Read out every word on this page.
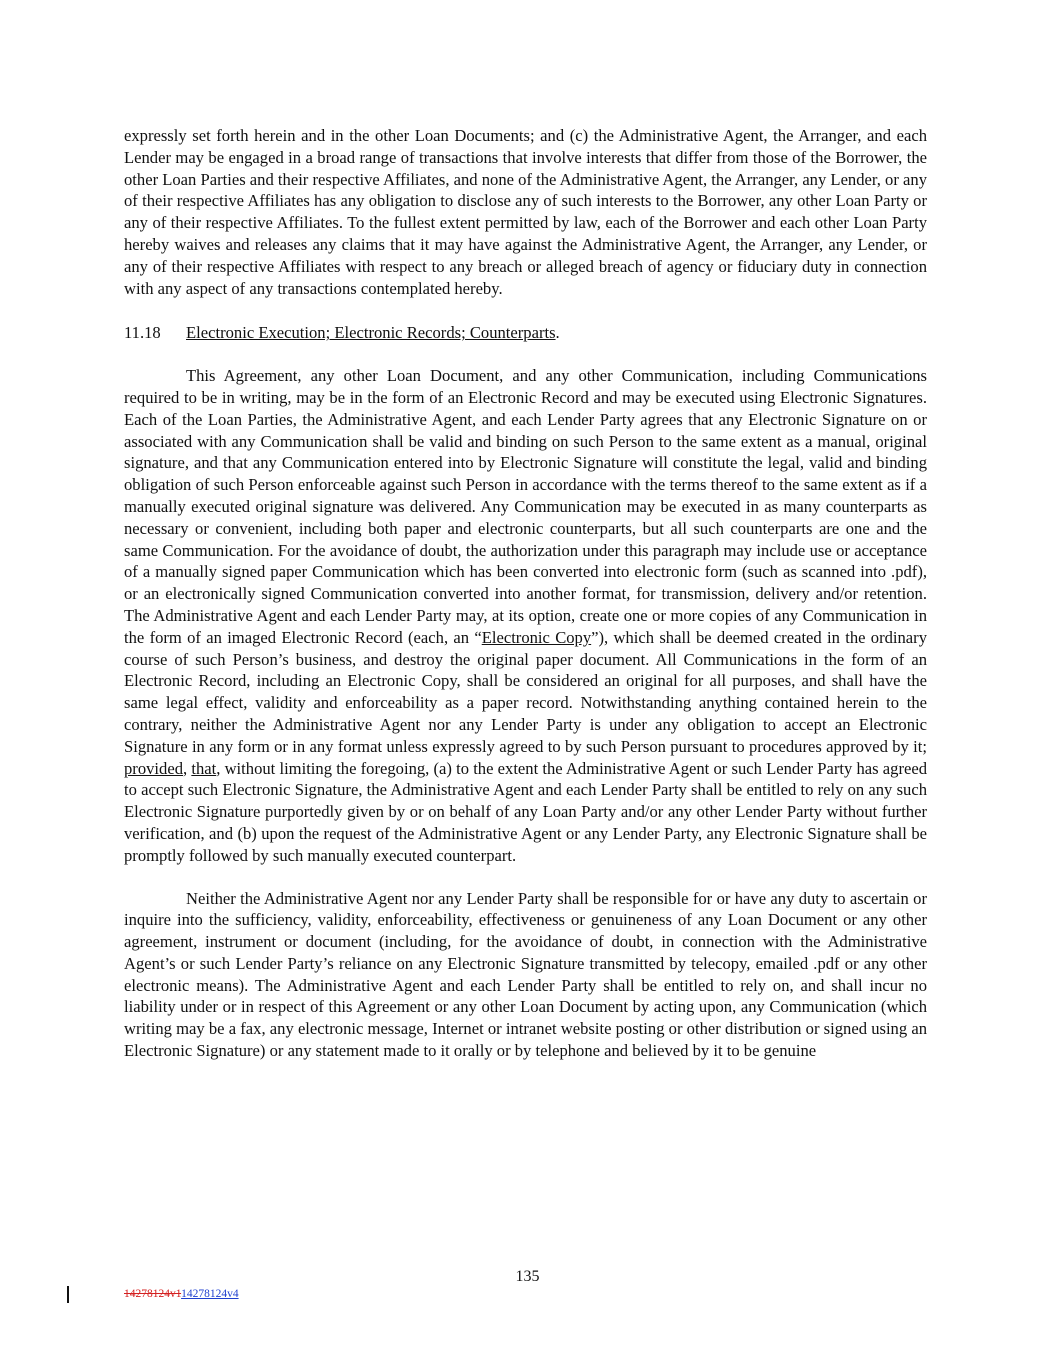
expressly set forth herein and in the other Loan Documents; and (c) the Administrative Agent, the Arranger, and each Lender may be engaged in a broad range of transactions that involve interests that differ from those of the Borrower, the other Loan Parties and their respective Affiliates, and none of the Administrative Agent, the Arranger, any Lender, or any of their respective Affiliates has any obligation to disclose any of such interests to the Borrower, any other Loan Party or any of their respective Affiliates. To the fullest extent permitted by law, each of the Borrower and each other Loan Party hereby waives and releases any claims that it may have against the Administrative Agent, the Arranger, any Lender, or any of their respective Affiliates with respect to any breach or alleged breach of agency or fiduciary duty in connection with any aspect of any transactions contemplated hereby.

11.18 Electronic Execution; Electronic Records; Counterparts.

This Agreement, any other Loan Document, and any other Communication, including Communications required to be in writing, may be in the form of an Electronic Record and may be executed using Electronic Signatures. Each of the Loan Parties, the Administrative Agent, and each Lender Party agrees that any Electronic Signature on or associated with any Communication shall be valid and binding on such Person to the same extent as a manual, original signature, and that any Communication entered into by Electronic Signature will constitute the legal, valid and binding obligation of such Person enforceable against such Person in accordance with the terms thereof to the same extent as if a manually executed original signature was delivered. Any Communication may be executed in as many counterparts as necessary or convenient, including both paper and electronic counterparts, but all such counterparts are one and the same Communication. For the avoidance of doubt, the authorization under this paragraph may include use or acceptance of a manually signed paper Communication which has been converted into electronic form (such as scanned into .pdf), or an electronically signed Communication converted into another format, for transmission, delivery and/or retention. The Administrative Agent and each Lender Party may, at its option, create one or more copies of any Communication in the form of an imaged Electronic Record (each, an “Electronic Copy”), which shall be deemed created in the ordinary course of such Person’s business, and destroy the original paper document. All Communications in the form of an Electronic Record, including an Electronic Copy, shall be considered an original for all purposes, and shall have the same legal effect, validity and enforceability as a paper record. Notwithstanding anything contained herein to the contrary, neither the Administrative Agent nor any Lender Party is under any obligation to accept an Electronic Signature in any form or in any format unless expressly agreed to by such Person pursuant to procedures approved by it; provided, that, without limiting the foregoing, (a) to the extent the Administrative Agent or such Lender Party has agreed to accept such Electronic Signature, the Administrative Agent and each Lender Party shall be entitled to rely on any such Electronic Signature purportedly given by or on behalf of any Loan Party and/or any other Lender Party without further verification, and (b) upon the request of the Administrative Agent or any Lender Party, any Electronic Signature shall be promptly followed by such manually executed counterpart.

Neither the Administrative Agent nor any Lender Party shall be responsible for or have any duty to ascertain or inquire into the sufficiency, validity, enforceability, effectiveness or genuineness of any Loan Document or any other agreement, instrument or document (including, for the avoidance of doubt, in connection with the Administrative Agent’s or such Lender Party’s reliance on any Electronic Signature transmitted by telecopy, emailed .pdf or any other electronic means). The Administrative Agent and each Lender Party shall be entitled to rely on, and shall incur no liability under or in respect of this Agreement or any other Loan Document by acting upon, any Communication (which writing may be a fax, any electronic message, Internet or intranet website posting or other distribution or signed using an Electronic Signature) or any statement made to it orally or by telephone and believed by it to be genuine

135
14278124v114278124v4
